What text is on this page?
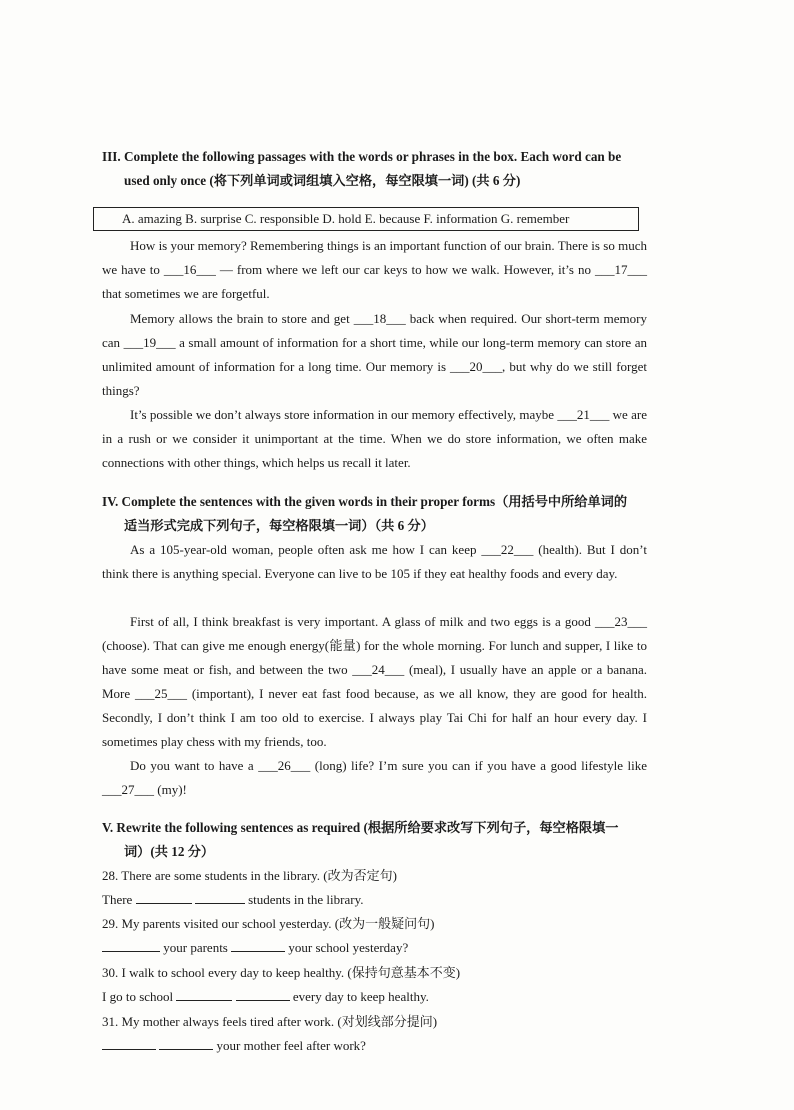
III. Complete the following passages with the words or phrases in the box. Each word can be
used only once (将下列单词或词组填入空格，每空限填一词) (共 6 分)
A. amazing B. surprise C. responsible D. hold E. because F. information G. remember
How is your memory? Remembering things is an important function of our brain. There is so much we have to ___16___ — from where we left our car keys to how we walk. However, it’s no ___17___ that sometimes we are forgetful.
Memory allows the brain to store and get ___18___ back when required. Our short-term memory can ___19___ a small amount of information for a short time, while our long-term memory can store an unlimited amount of information for a long time. Our memory is ___20___, but why do we still forget things?
It’s possible we don’t always store information in our memory effectively, maybe ___21___ we are in a rush or we consider it unimportant at the time. When we do store information, we often make connections with other things, which helps us recall it later.
IV. Complete the sentences with the given words in their proper forms（用括号中所给单词的
适当形式完成下列句子，每空格限填一词）（共 6 分）
As a 105-year-old woman, people often ask me how I can keep ___22___ (health). But I don’t think there is anything special. Everyone can live to be 105 if they eat healthy foods and every day.
First of all, I think breakfast is very important. A glass of milk and two eggs is a good ___23___ (choose). That can give me enough energy(能量) for the whole morning. For lunch and supper, I like to have some meat or fish, and between the two ___24___ (meal), I usually have an apple or a banana. More ___25___ (important), I never eat fast food because, as we all know, they are good for health. Secondly, I don’t think I am too old to exercise. I always play Tai Chi for half an hour every day. I sometimes play chess with my friends, too.
Do you want to have a ___26___ (long) life? I’m sure you can if you have a good lifestyle like ___27___ (my)!
V. Rewrite the following sentences as required (根据所给要求改写下列句子，每空格限填一
词）(共 12 分）
28. There are some students in the library. (改为否定句)
There	students in the library.
29. My parents visited our school yesterday. (改为一般疑问句)
your parents	your school yesterday?
30. I walk to school every day to keep healthy. (保持句意基本不变)
I go to school	every day to keep healthy.
31. My mother always feels tired after work. (对划线部分提问)
your mother feel after work?
